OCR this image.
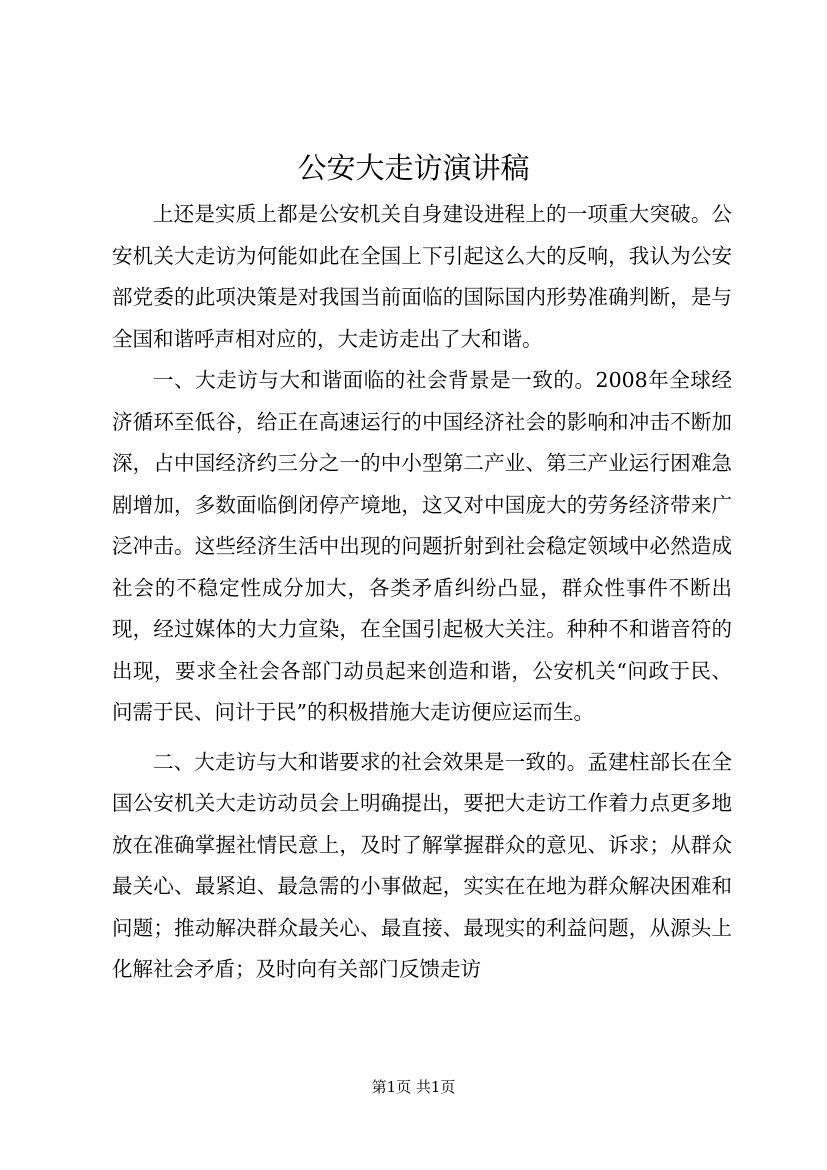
公安大走访演讲稿

上还是实质上都是公安机关自身建设进程上的一项重大突破。公安机关大走访为何能如此在全国上下引起这么大的反响，我认为公安部党委的此项决策是对我国当前面临的国际国内形势准确判断，是与全国和谐呼声相对应的，大走访走出了大和谐。

一、大走访与大和谐面临的社会背景是一致的。2008年全球经济循环至低谷，给正在高速运行的中国经济社会的影响和冲击不断加深，占中国经济约三分之一的中小型第二产业、第三产业运行困难急剧增加，多数面临倒闭停产境地，这又对中国庞大的劳务经济带来广泛冲击。这些经济生活中出现的问题折射到社会稳定领域中必然造成社会的不稳定性成分加大，各类矛盾纠纷凸显，群众性事件不断出现，经过媒体的大力宣染，在全国引起极大关注。种种不和谐音符的出现，要求全社会各部门动员起来创造和谐，公安机关“问政于民、问需于民、问计于民”的积极措施大走访便应运而生。

二、大走访与大和谐要求的社会效果是一致的。孟建柱部长在全国公安机关大走访动员会上明确提出，要把大走访工作着力点更多地放在准确掌握社情民意上，及时了解掌握群众的意见、诉求；从群众最关心、最紧迫、最急需的小事做起，实实在在地为群众解决困难和问题；推动解决群众最关心、最直接、最现实的利益问题，从源头上化解社会矛盾；及时向有关部门反馈走访

第1页 共1页
